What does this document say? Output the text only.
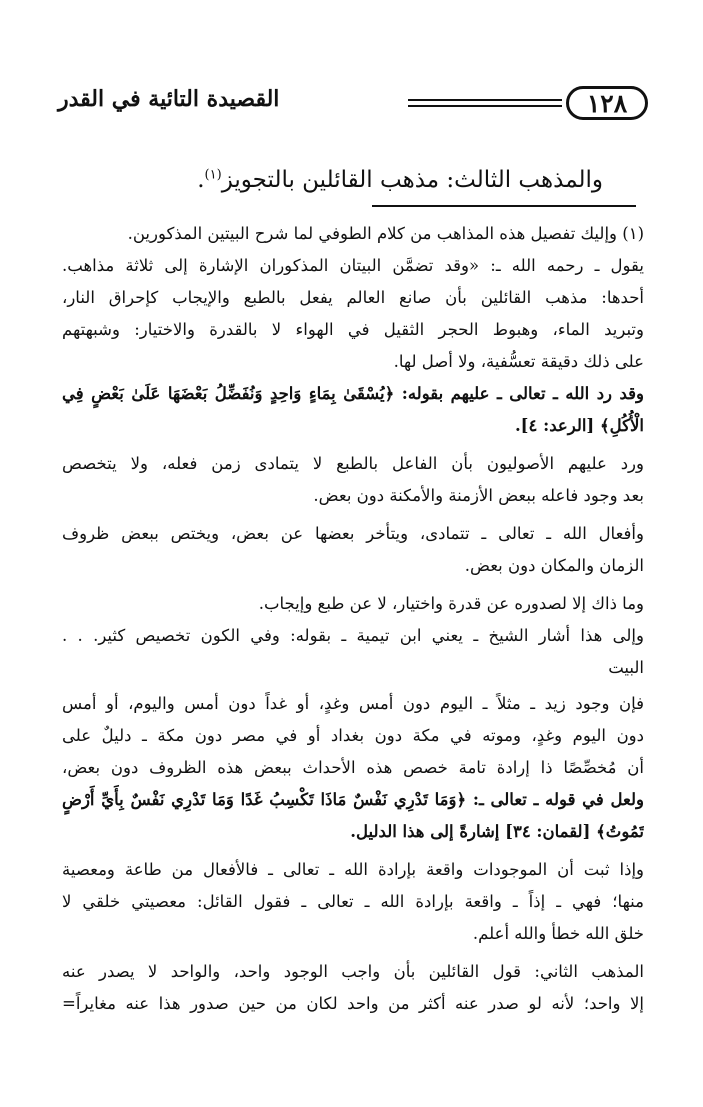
١٢٨
القصيدة التائية في القدر
والمذهب الثالث: مذهب القائلين بالتجويز$^{(١)}$.
(١) وإليك تفصيل هذه المذاهب من كلام الطوفي لما شرح البيتين المذكورين.
يقول ـ رحمه الله ـ: «وقد تضمَّن البيتان المذكوران الإشارة إلى ثلاثة مذاهب.
أحدها: مذهب القائلين بأن صانع العالم يفعل بالطبع والإيجاب كإحراق النار،
وتبريد الماء، وهبوط الحجر الثقيل في الهواء لا بالقدرة والاختيار: وشبهتهم
على ذلك دقيقة تعسُّفية، ولا أصل لها.
وقد رد الله ـ تعالى ـ عليهم بقوله: ﴿يُسْقَىٰ بِمَاءٍ وَاحِدٍ وَنُفَضِّلُ بَعْضَهَا عَلَىٰ بَعْضٍ فِي
الْأُكُلِ﴾ [الرعد: ٤].
ورد عليهم الأصوليون بأن الفاعل بالطبع لا يتمادى زمن فعله، ولا يتخصص
بعد وجود فاعله ببعض الأزمنة والأمكنة دون بعض.
وأفعال الله ـ تعالى ـ تتمادى، ويتأخر بعضها عن بعض، ويختص ببعض ظروف
الزمان والمكان دون بعض.
وما ذاك إلا لصدوره عن قدرة واختيار، لا عن طبع وإيجاب.
وإلى هذا أشار الشيخ ـ يعني ابن تيمية ـ بقوله: وفي الكون تخصيص كثير. . .
البيت
فإن وجود زيد ـ مثلاً ـ اليوم دون أمس وغدٍ، أو غداً دون أمس واليوم، أو أمس
دون اليوم وغدٍ، وموته في مكة دون بغداد أو في مصر دون مكة ـ دليلٌ على
أن مُخصِّصًا ذا إرادة تامة خصص هذه الأحداث ببعض هذه الظروف دون بعض،
ولعل في قوله ـ تعالى ـ: ﴿وَمَا تَدْرِي نَفْسٌ مَاذَا تَكْسِبُ غَدًا وَمَا تَدْرِي نَفْسٌ بِأَيِّ أَرْضٍ
تَمُوتُ﴾ [لقمان: ٣٤] إشارةً إلى هذا الدليل.
وإذا ثبت أن الموجودات واقعة بإرادة الله ـ تعالى ـ فالأفعال من طاعة ومعصية
منها؛ فهي ـ إذاً ـ واقعة بإرادة الله ـ تعالى ـ فقول القائل: معصيتي خلقي لا
خلق الله خطأ والله أعلم.
المذهب الثاني: قول القائلين بأن واجب الوجود واحد، والواحد لا يصدر عنه
إلا واحد؛ لأنه لو صدر عنه أكثر من واحد لكان من حين صدور هذا عنه مغايراً=
